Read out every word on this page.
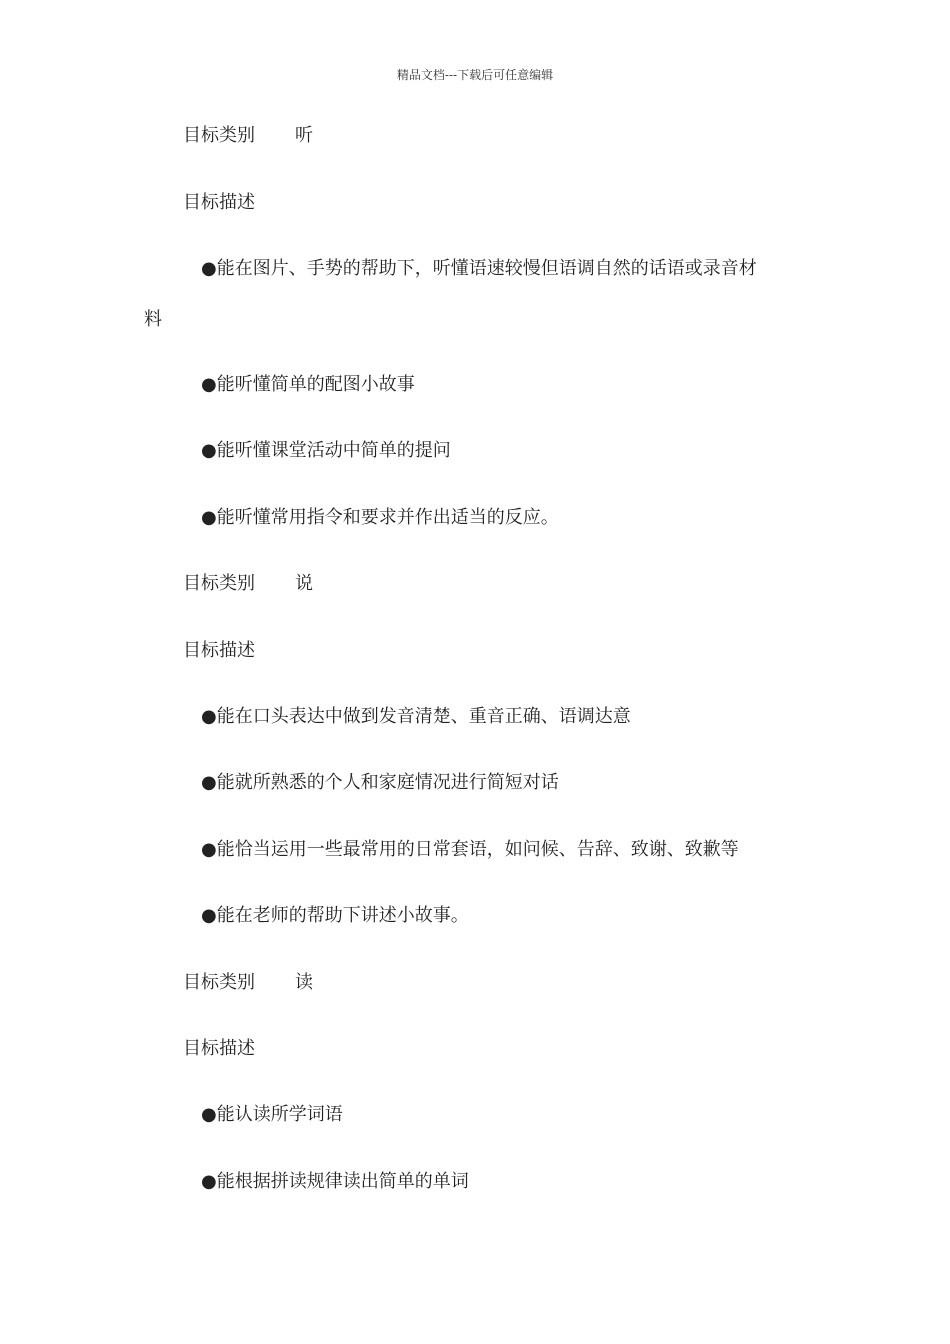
精品文档---下载后可任意编辑
目标类别 听
目标描述
●能在图片、手势的帮助下，听懂语速较慢但语调自然的话语或录音材
料
●能听懂简单的配图小故事
●能听懂课堂活动中简单的提问
●能听懂常用指令和要求并作出适当的反应。
目标类别 说
目标描述
●能在口头表达中做到发音清楚、重音正确、语调达意
●能就所熟悉的个人和家庭情况进行简短对话
●能恰当运用一些最常用的日常套语，如问候、告辞、致谢、致歉等
●能在老师的帮助下讲述小故事。
目标类别 读
目标描述
●能认读所学词语
●能根据拼读规律读出简单的单词
